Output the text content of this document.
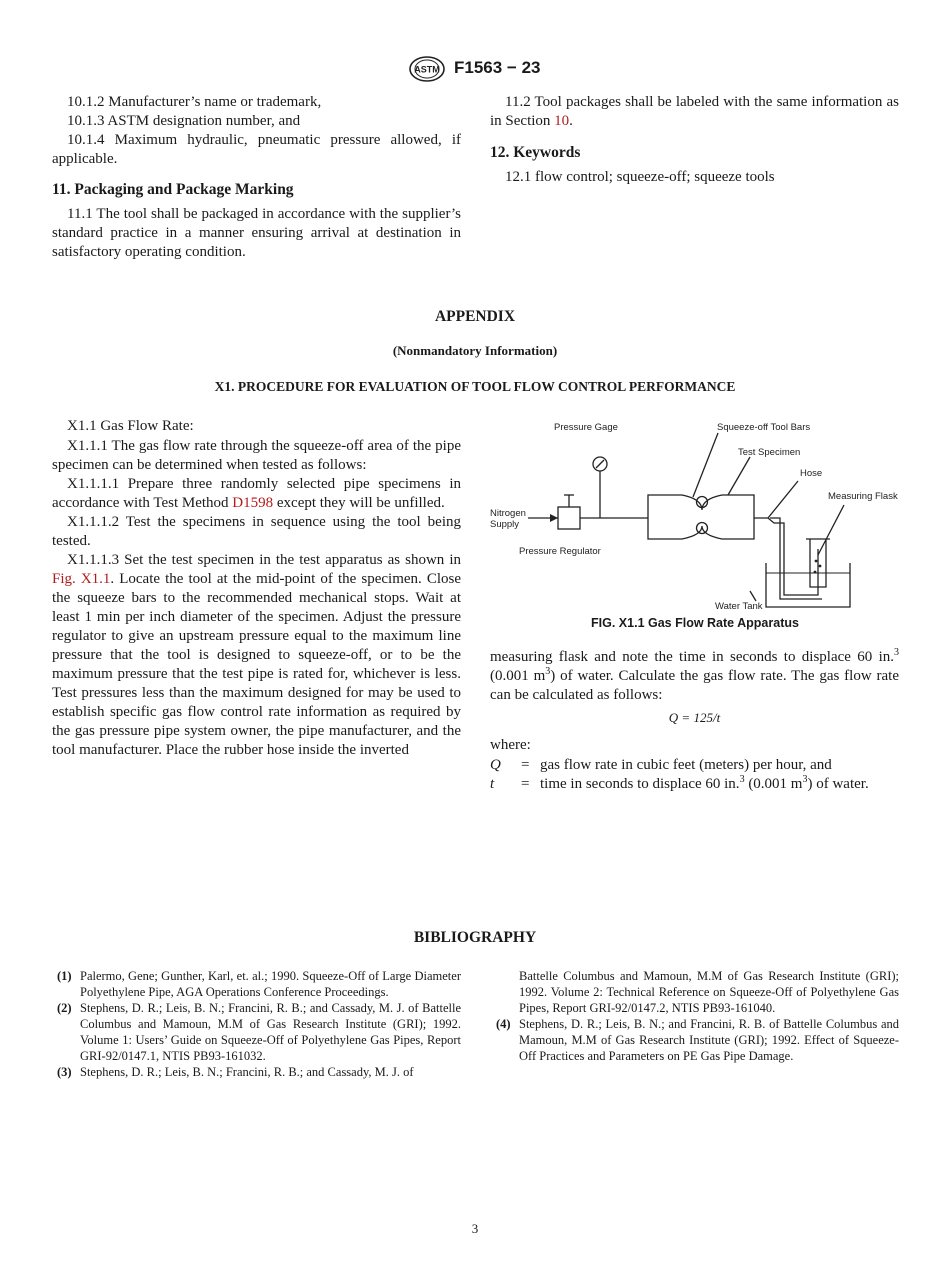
ASTM F1563 − 23

10.1.2 Manufacturer’s name or trademark,

10.1.3 ASTM designation number, and

10.1.4 Maximum hydraulic, pneumatic pressure allowed, if applicable.

11. Packaging and Package Marking

11.1 The tool shall be packaged in accordance with the supplier’s standard practice in a manner ensuring arrival at destination in satisfactory operating condition.

11.2 Tool packages shall be labeled with the same information as in Section 10.

12. Keywords

12.1 flow control; squeeze-off; squeeze tools

APPENDIX
(Nonmandatory Information)
X1. PROCEDURE FOR EVALUATION OF TOOL FLOW CONTROL PERFORMANCE

X1.1 Gas Flow Rate:

X1.1.1 The gas flow rate through the squeeze-off area of the pipe specimen can be determined when tested as follows:

X1.1.1.1 Prepare three randomly selected pipe specimens in accordance with Test Method D1598 except they will be unfilled.

X1.1.1.2 Test the specimens in sequence using the tool being tested.

X1.1.1.3 Set the test specimen in the test apparatus as shown in Fig. X1.1. Locate the tool at the mid-point of the specimen. Close the squeeze bars to the recommended mechanical stops. Wait at least 1 min per inch diameter of the specimen. Adjust the pressure regulator to give an upstream pressure equal to the maximum line pressure that the tool is designed to squeeze-off, or to be the maximum pressure that the test pipe is rated for, whichever is less. Test pressures less than the maximum designed for may be used to establish specific gas flow control rate information as required by the gas pressure pipe system owner, the pipe manufacturer, and the tool manufacturer. Place the rubber hose inside the inverted

Pressure Gage	Squeeze-off Tool Bars
Test Specimen
Hose
Measuring Flask
Nitrogen
Supply
Pressure Regulator
Water Tank
FIG. X1.1 Gas Flow Rate Apparatus

measuring flask and note the time in seconds to displace 60 in.$^3$ (0.001 $m^3$) of water. Calculate the gas flow rate. The gas flow rate can be calculated as follows:

Q = 125/t

where:

Q = gas flow rate in cubic feet (meters) per hour, and
t = time in seconds to displace 60 in.$^3$ (0.001 $m^3$) of water.
BIBLIOGRAPHY
(1) Palermo, Gene; Gunther, Karl, et. al.; 1990. Squeeze-Off of Large Diameter Polyethylene Pipe, AGA Operations Conference Proceedings.
(2) Stephens, D. R.; Leis, B. N.; Francini, R. B.; and Cassady, M. J. of Battelle Columbus and Mamoun, M.M of Gas Research Institute (GRI); 1992. Volume 1: Users’ Guide on Squeeze-Off of Polyethylene Gas Pipes, Report GRI-92/0147.1, NTIS PB93-161032.
(3) Stephens, D. R.; Leis, B. N.; Francini, R. B.; and Cassady, M. J. of
Battelle Columbus and Mamoun, M.M of Gas Research Institute (GRI); 1992. Volume 2: Technical Reference on Squeeze-Off of Polyethylene Gas Pipes, Report GRI-92/0147.2, NTIS PB93-161040.
(4) Stephens, D. R.; Leis, B. N.; and Francini, R. B. of Battelle Columbus and Mamoun, M.M of Gas Research Institute (GRI); 1992. Effect of Squeeze-Off Practices and Parameters on PE Gas Pipe Damage.
3
